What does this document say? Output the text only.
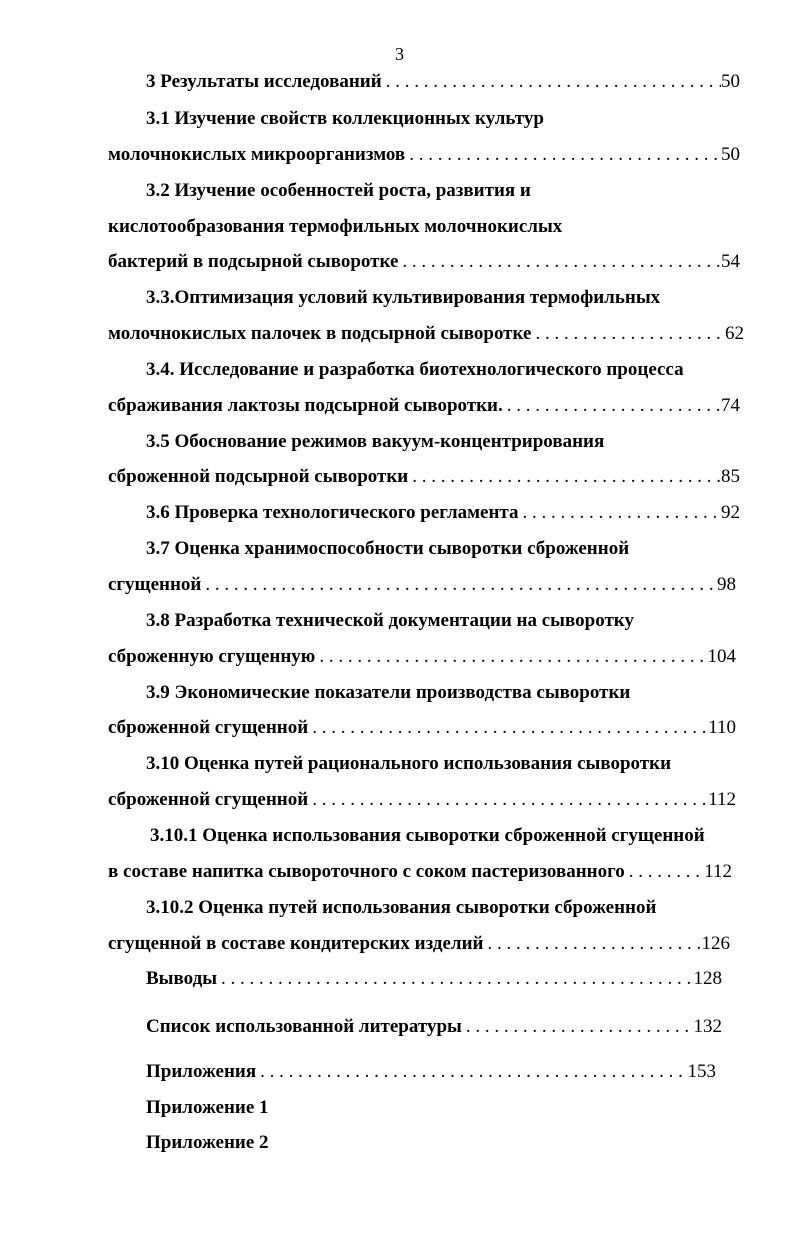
3
3 Результаты исследований . . .	50
3.1 Изучение свойств коллекционных культур
молочнокислых микроорганизмов . . .	50
3.2 Изучение особенностей роста, развития и
кислотообразования термофильных молочнокислых
бактерий в подсырной сыворотке . . .	54
3.3.Оптимизация условий культивирования термофильных
молочнокислых палочек в подсырной сыворотке . . .	62
3.4. Исследование и разработка биотехнологического процесса
сбраживания лактозы подсырной сыворотки. . . .	74
3.5 Обоснование режимов вакуум-концентрирования
сброженной подсырной сыворотки . . .	85
3.6 Проверка технологического регламента . . .	92
3.7 Оценка хранимоспособности сыворотки сброженной
сгущенной . . .	98
3.8 Разработка технической документации на сыворотку
сброженную сгущенную . . .	104
3.9 Экономические показатели производства сыворотки
сброженной сгущенной . . .	110
3.10 Оценка путей рационального использования сыворотки
сброженной сгущенной . . .	112
3.10.1 Оценка использования сыворотки сброженной сгущенной
в составе напитка сывороточного с соком пастеризованного . . .	112
3.10.2 Оценка путей использования сыворотки сброженной
сгущенной в составе кондитерских изделий . . .	126
Выводы . . .	128
Список использованной литературы . . .	132
Приложения . . .	153
Приложение 1
Приложение 2
